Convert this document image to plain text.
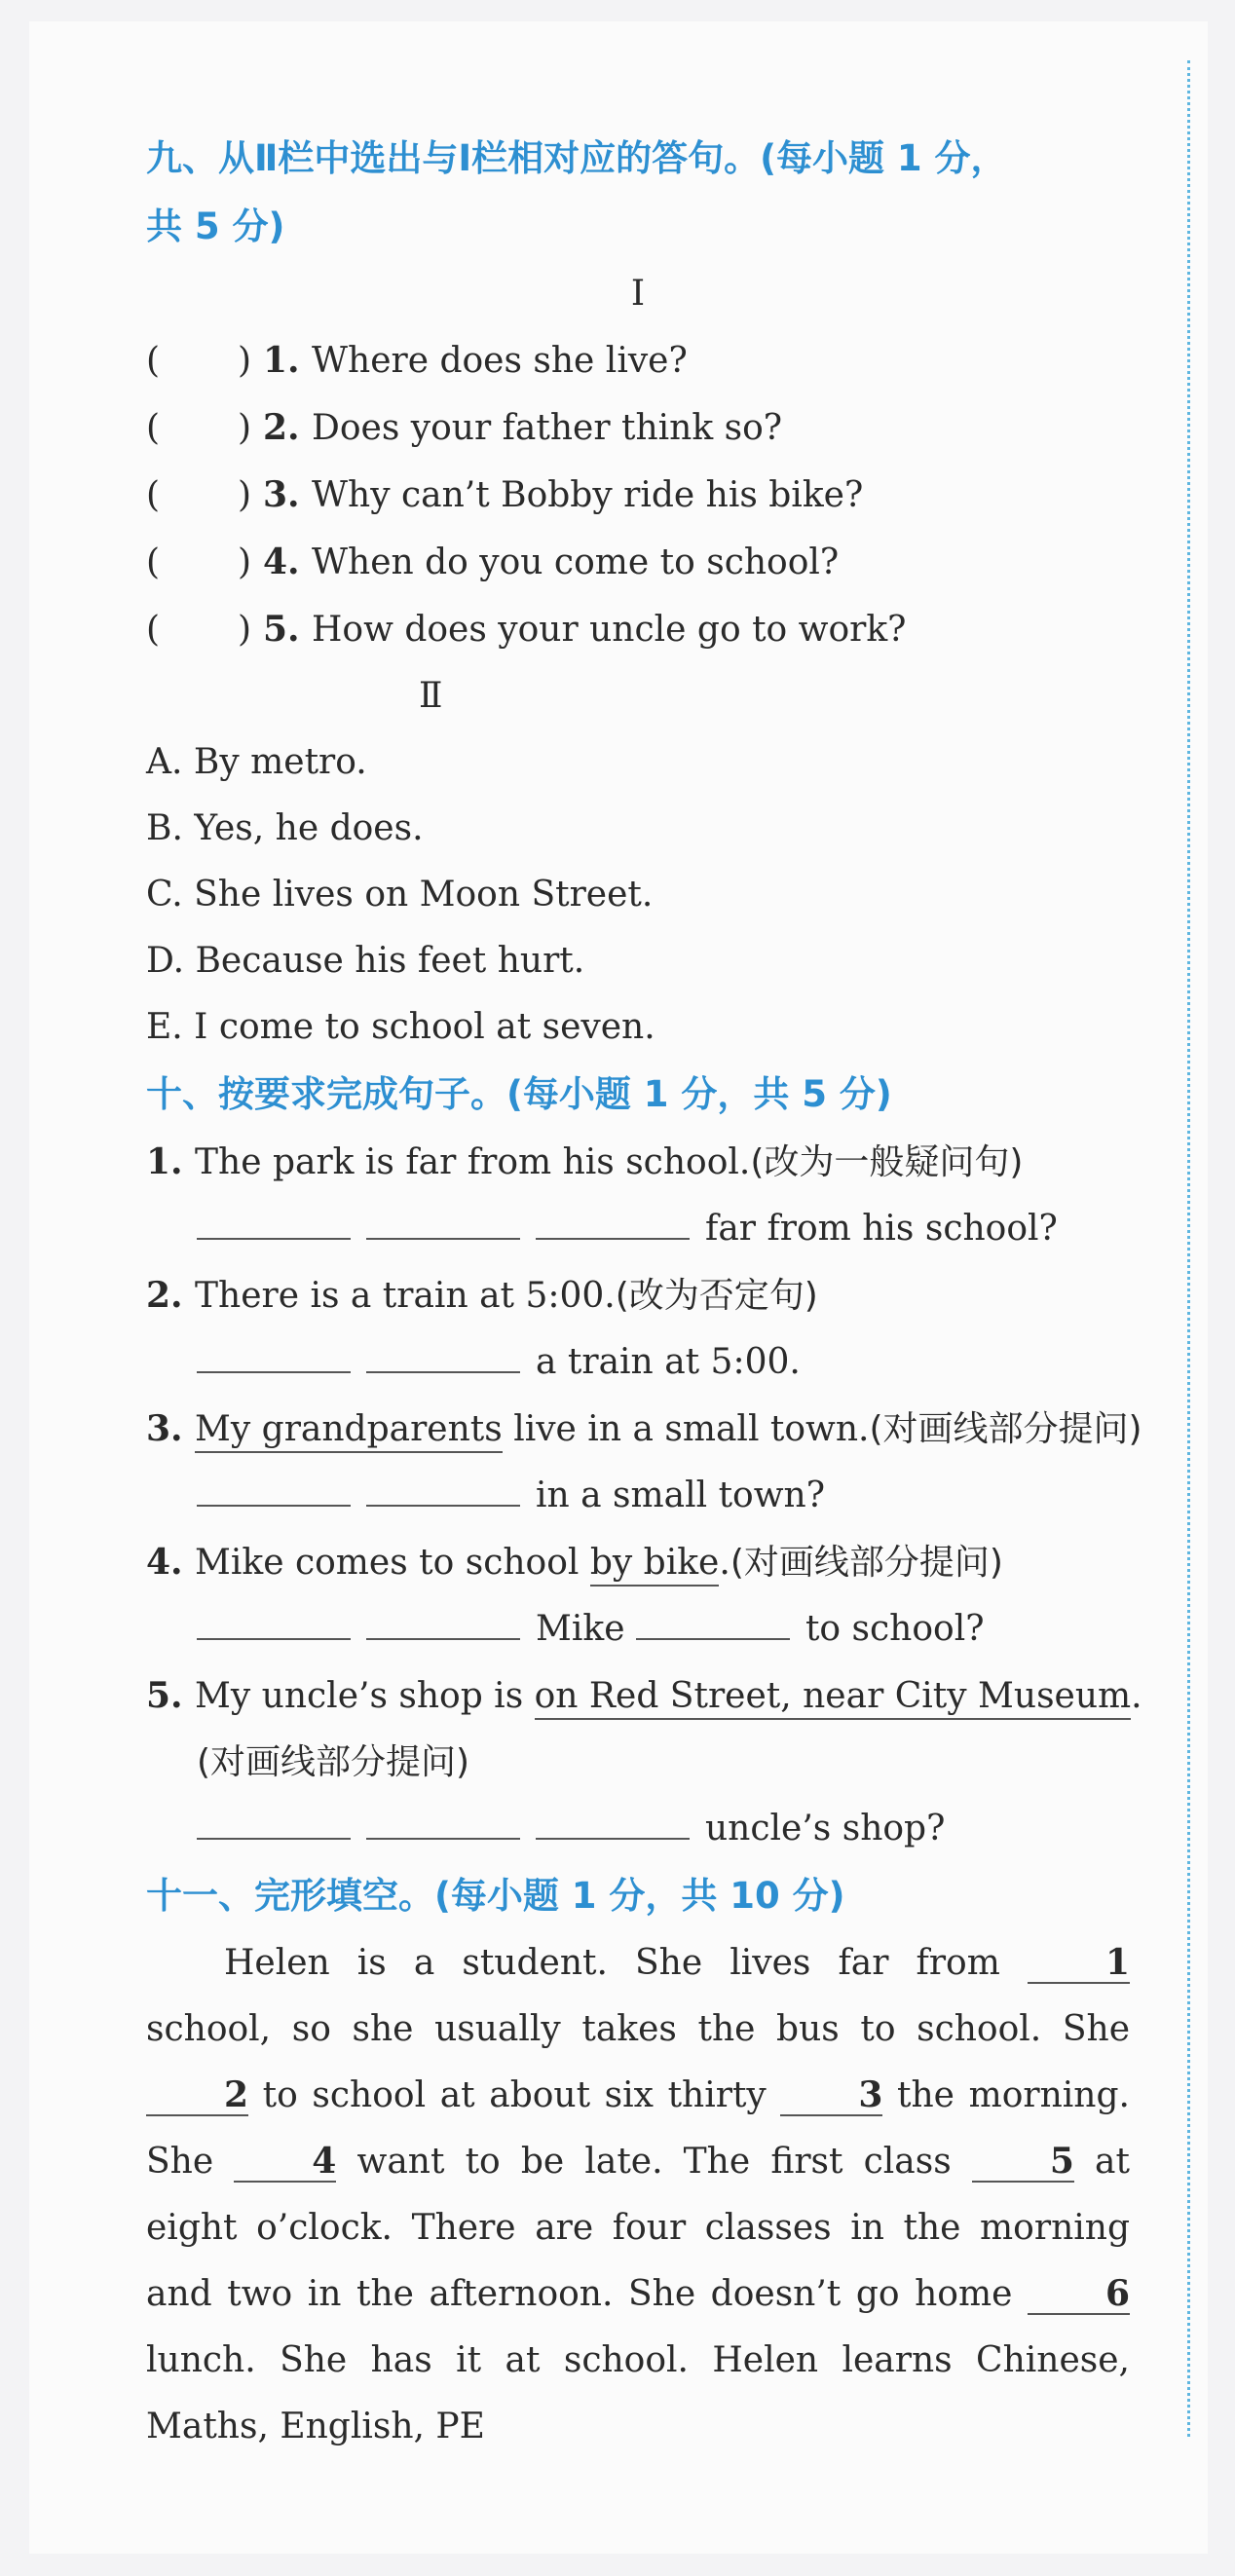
九、从Ⅱ栏中选出与Ⅰ栏相对应的答句。(每小题 1 分，
共 5 分)
Ⅰ
( ) 1. Where does she live?
( ) 2. Does your father think so?
( ) 3. Why can’t Bobby ride his bike?
( ) 4. When do you come to school?
( ) 5. How does your uncle go to work?
Ⅱ
A. By metro.
B. Yes, he does.
C. She lives on Moon Street.
D. Because his feet hurt.
E. I come to school at seven.
十、按要求完成句子。(每小题 1 分，共 5 分)
1. The park is far from his school.(改为一般疑问句)
far from his school?
2. There is a train at 5:00.(改为否定句)
a train at 5:00.
3. My grandparents live in a small town.(对画线部分提问)
in a small town?
4. Mike comes to school by bike.(对画线部分提问)
Mike	to school?
5. My uncle’s shop is on Red Street, near City Museum.
(对画线部分提问)
uncle’s shop?
十一、完形填空。(每小题 1 分，共 10 分)

Helen is a student. She lives far from 1 school, so she usually takes the bus to school. She 2 to school at about six thirty 3 the morning. She 4 want to be late. The first class 5 at eight o’clock. There are four classes in the morning and two in the afternoon. She doesn’t go home 6 lunch. She has it at school. Helen learns Chinese, Maths, English, PE
